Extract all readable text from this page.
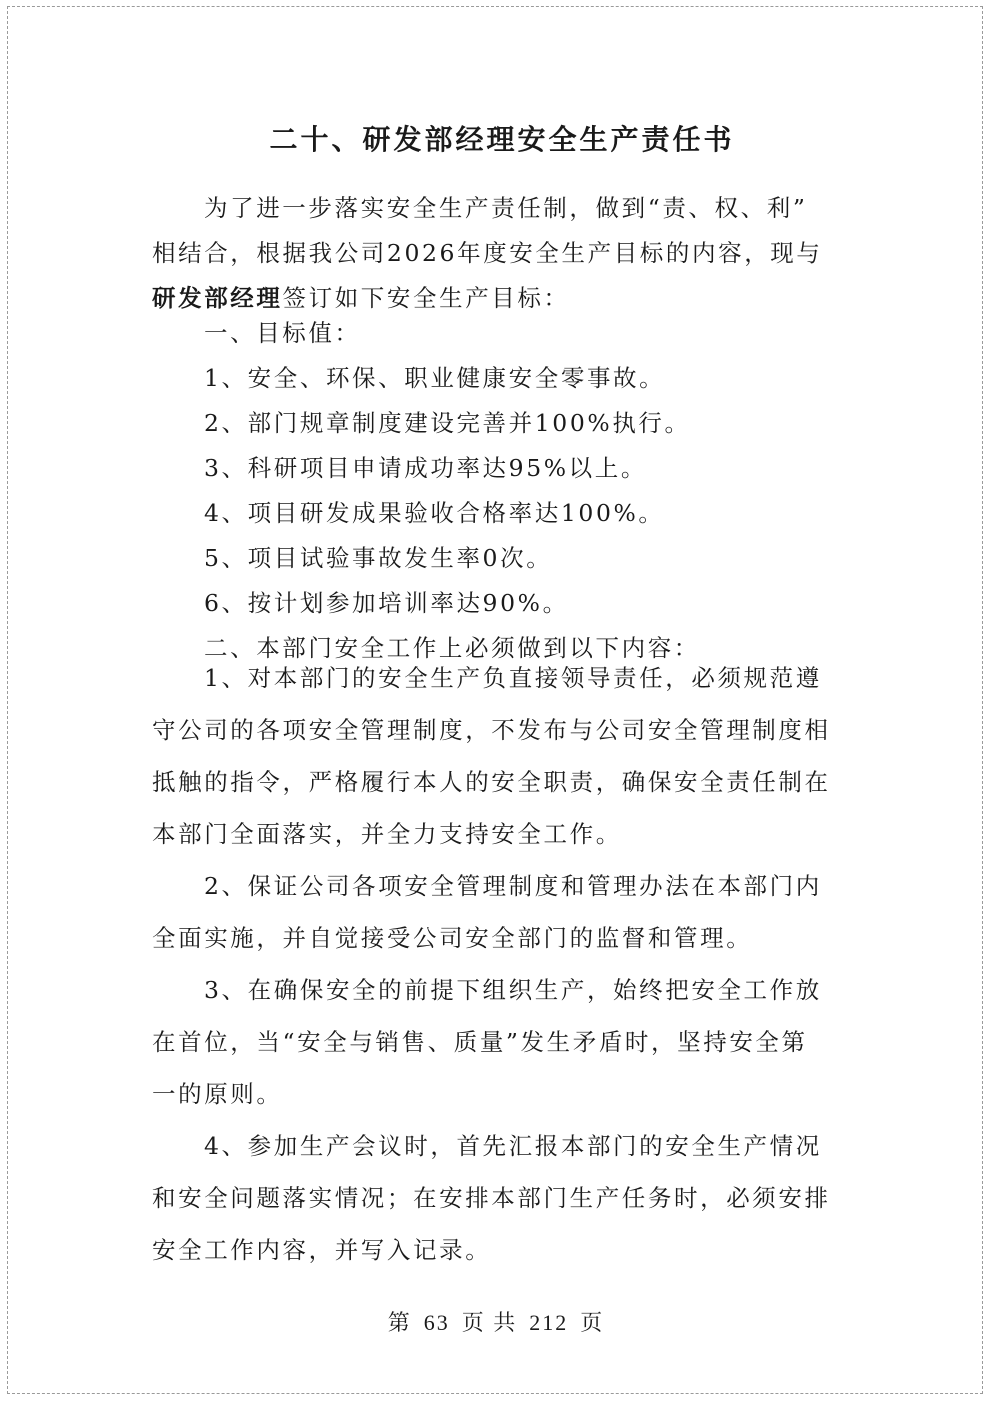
二十、研发部经理安全生产责任书
为了进一步落实安全生产责任制，做到“责、权、利”
相结合，根据我公司2026年度安全生产目标的内容，现与
研发部经理签订如下安全生产目标：
一、目标值：
1、安全、环保、职业健康安全零事故。
2、部门规章制度建设完善并100%执行。
3、科研项目申请成功率达95%以上。
4、项目研发成果验收合格率达100%。
5、项目试验事故发生率0次。
6、按计划参加培训率达90%。
二、本部门安全工作上必须做到以下内容：
1、对本部门的安全生产负直接领导责任，必须规范遵
守公司的各项安全管理制度，不发布与公司安全管理制度相
抵触的指令，严格履行本人的安全职责，确保安全责任制在
本部门全面落实，并全力支持安全工作。
2、保证公司各项安全管理制度和管理办法在本部门内
全面实施，并自觉接受公司安全部门的监督和管理。
3、在确保安全的前提下组织生产，始终把安全工作放
在首位，当“安全与销售、质量”发生矛盾时，坚持安全第
一的原则。
4、参加生产会议时，首先汇报本部门的安全生产情况
和安全问题落实情况；在安排本部门生产任务时，必须安排
安全工作内容，并写入记录。

第 63 页 共 212 页
